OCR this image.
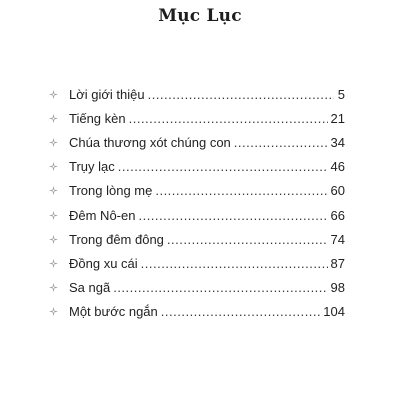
Mục Lục
Lời giới thiệu .....	5
Tiếng kèn .....	21
Chúa thương xót chúng con .....	34
Trụy lạc .....	46
Trong lòng mẹ .....	60
Đêm Nô-en .....	66
Trong đêm đông .....	74
Đồng xu cái .....	87
Sa ngã .....	98
Một bước ngắn .....	104
